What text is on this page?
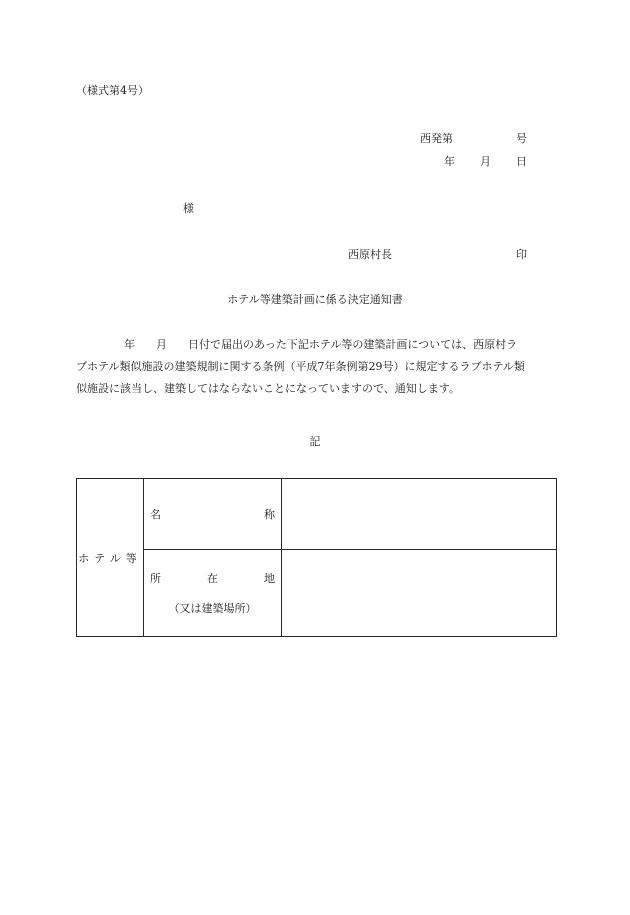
（様式第4号）
西発第	号
年 月 日
様
西原村長	印
ホテル等建築計画に係る決定通知書
年 月 日付で届出のあった下記ホテル等の建築計画については、西原村ラ
ブホテル類似施設の建築規制に関する条例（平成7年条例第29号）に規定するラブホテル類
似施設に該当し、建築してはならないことになっていますので、通知します。
記
ホテル等	名 称	

	所 在 地
（又は建築場所）	
